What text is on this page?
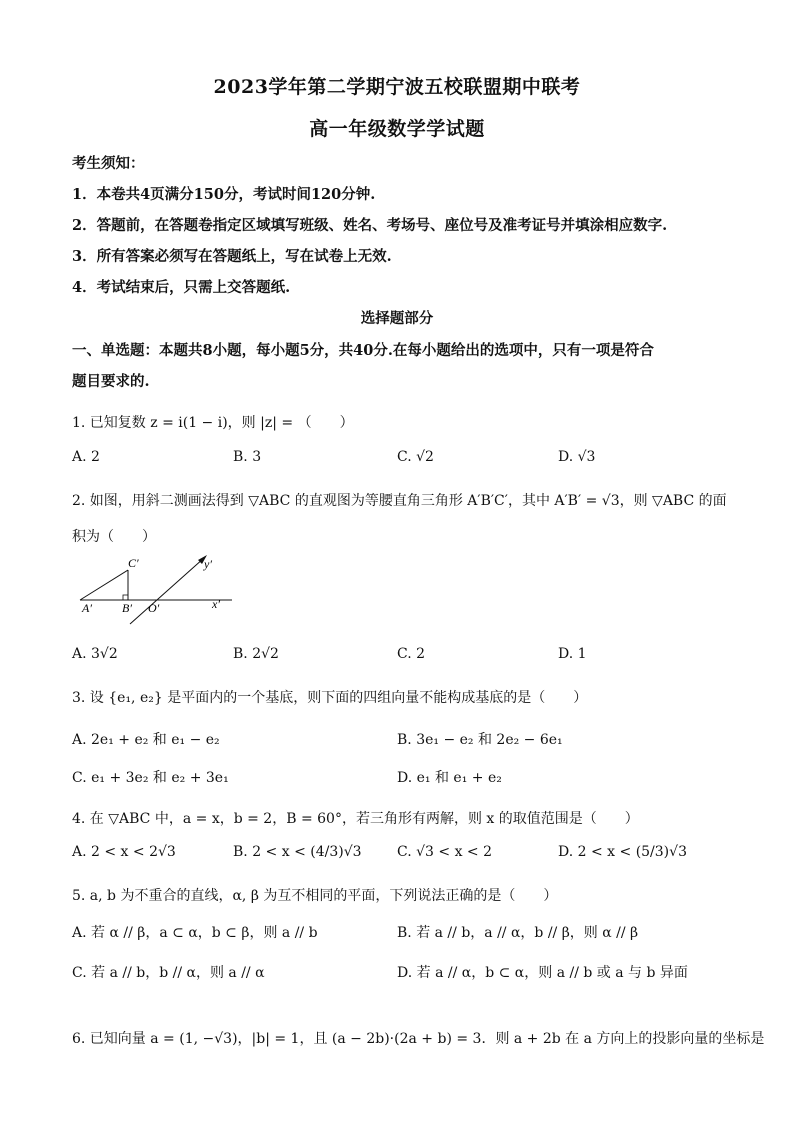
2023学年第二学期宁波五校联盟期中联考
高一年级数学学试题
考生须知：
1．本卷共4页满分150分，考试时间120分钟.
2．答题前，在答题卷指定区域填写班级、姓名、考场号、座位号及准考证号并填涂相应数字.
3．所有答案必须写在答题纸上，写在试卷上无效.
4．考试结束后，只需上交答题纸.
选择题部分
一、单选题：本题共8小题，每小题5分，共40分.在每小题给出的选项中，只有一项是符合
题目要求的.
1. 已知复数 z = i(1 − i)，则 |z| = （　　）
A. 2	B. 3	C. √2	D. √3
2. 如图，用斜二测画法得到 ▽ABC 的直观图为等腰直角三角形 A′B′C′，其中 A′B′ = √3，则 ▽ABC 的面
积为（　　）
A′	B′
C′
O′	x′
y′
A. 3√2	B. 2√2	C. 2	D. 1
3. 设 {e₁, e₂} 是平面内的一个基底，则下面的四组向量不能构成基底的是（　　）
A. 2e₁ + e₂ 和 e₁ − e₂	B. 3e₁ − e₂ 和 2e₂ − 6e₁
C. e₁ + 3e₂ 和 e₂ + 3e₁	D. e₁ 和 e₁ + e₂
4. 在 ▽ABC 中，a = x，b = 2，B = 60°，若三角形有两解，则 x 的取值范围是（　　）
A. 2 < x < 2√3	B. 2 < x < (4/3)√3	C. √3 < x < 2	D. 2 < x < (5/3)√3
5. a, b 为不重合的直线，α, β 为互不相同的平面，下列说法正确的是（　　）
A. 若 α // β，a ⊂ α，b ⊂ β，则 a // b	B. 若 a // b，a // α，b // β，则 α // β
C. 若 a // b，b // α，则 a // α	D. 若 a // α，b ⊂ α，则 a // b 或 a 与 b 异面
6. 已知向量 a = (1, −√3)，|b| = 1，且 (a − 2b)·(2a + b) = 3．则 a + 2b 在 a 方向上的投影向量的坐标是
